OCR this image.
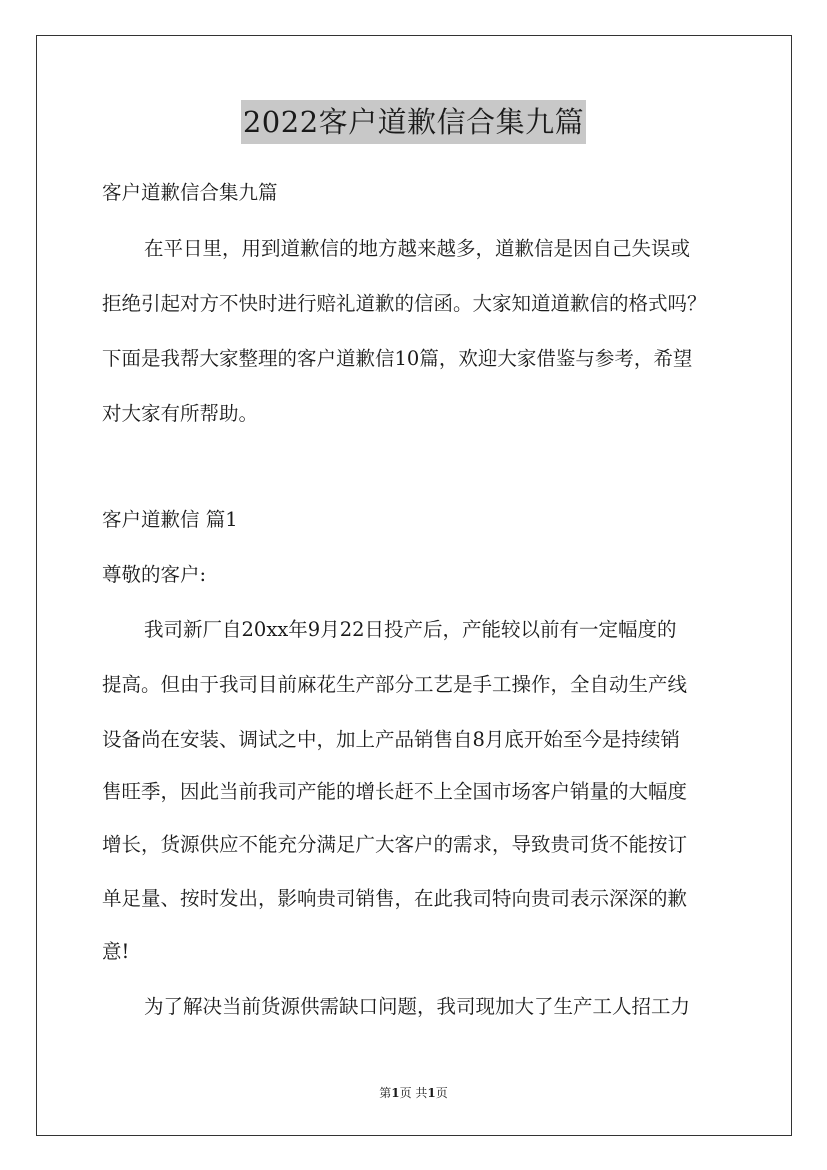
2022客户道歉信合集九篇
客户道歉信合集九篇
在平日里，用到道歉信的地方越来越多，道歉信是因自己失误或
拒绝引起对方不快时进行赔礼道歉的信函。大家知道道歉信的格式吗？
下面是我帮大家整理的客户道歉信10篇，欢迎大家借鉴与参考，希望
对大家有所帮助。
客户道歉信 篇1
尊敬的客户:
我司新厂自20xx年9月22日投产后，产能较以前有一定幅度的
提高。但由于我司目前麻花生产部分工艺是手工操作，全自动生产线
设备尚在安装、调试之中，加上产品销售自8月底开始至今是持续销
售旺季，因此当前我司产能的增长赶不上全国市场客户销量的大幅度
增长，货源供应不能充分满足广大客户的需求，导致贵司货不能按订
单足量、按时发出，影响贵司销售，在此我司特向贵司表示深深的歉
意!
为了解决当前货源供需缺口问题，我司现加大了生产工人招工力
第1页 共1页
